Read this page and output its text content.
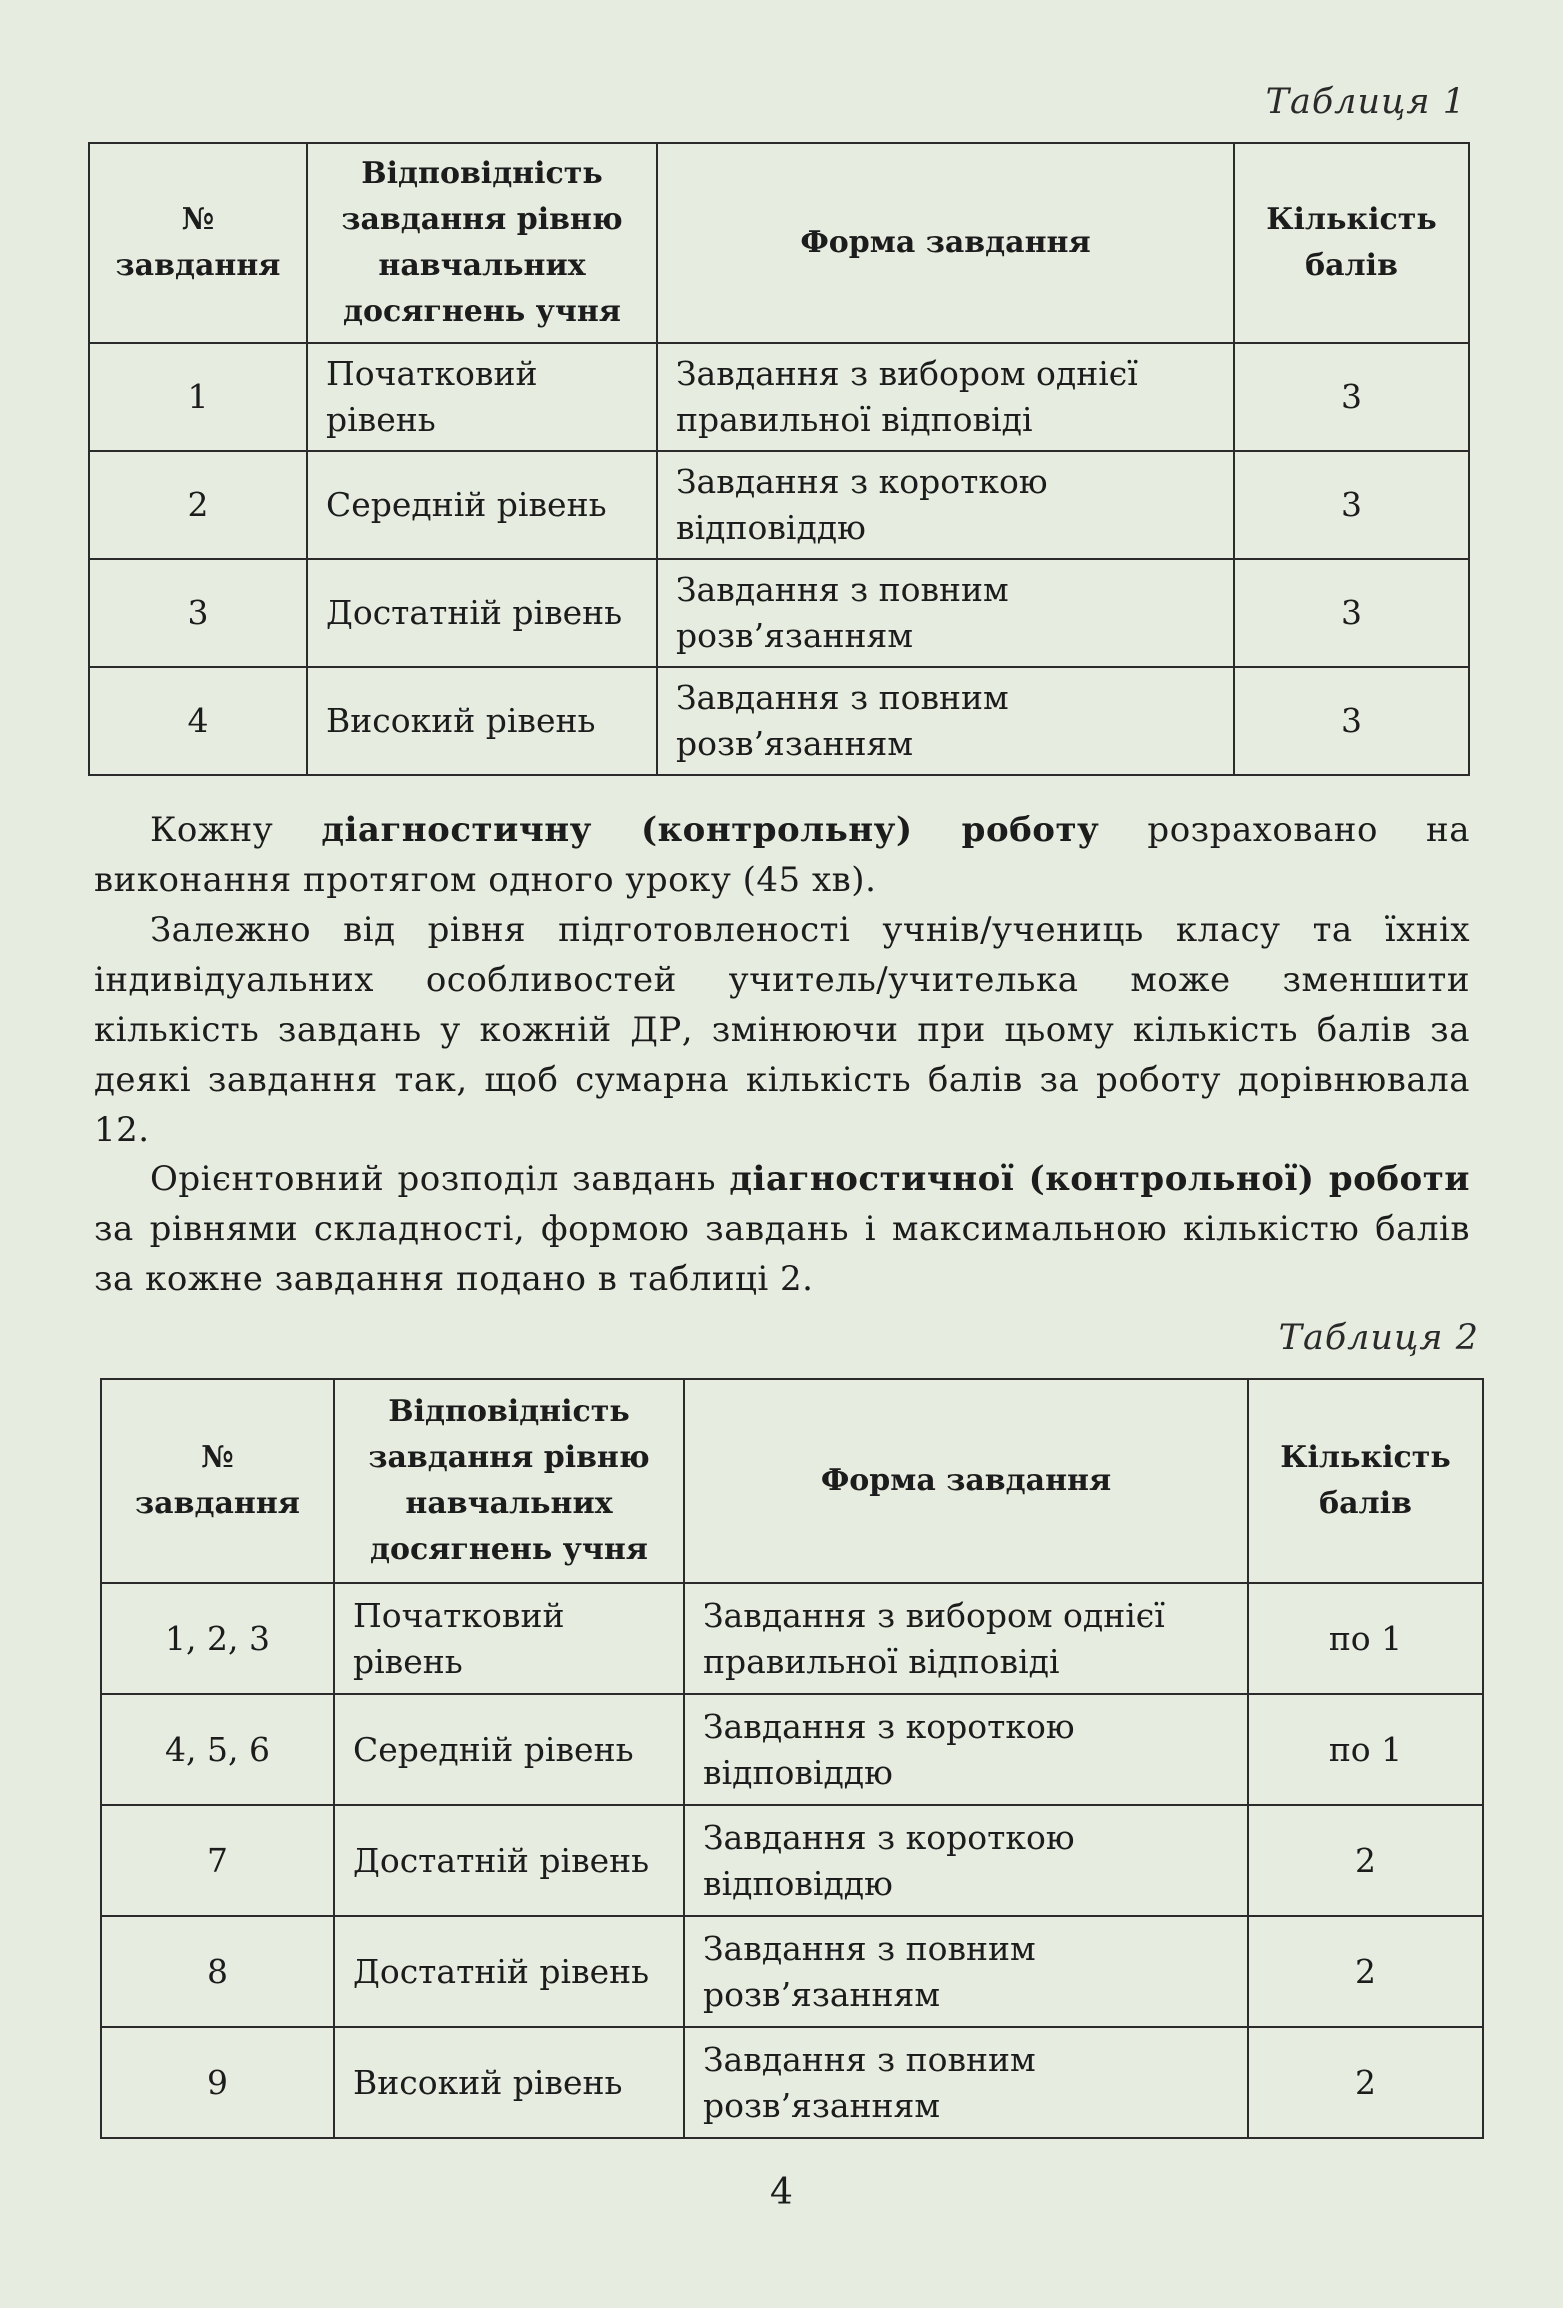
Таблиця 1
№ завдання	Відповідність завдання рівню навчальних досягнень учня	Форма завдання	Кількість балів
1	Початковий рівень	Завдання з вибором однієї правильної відповіді	3
2	Середній рівень	Завдання з короткою відповіддю	3
3	Достатній рівень	Завдання з повним розв’язанням	3
4	Високий рівень	Завдання з повним розв’язанням	3

Кожну діагностичну (контрольну) роботу розраховано на виконання протягом одного уроку (45 хв).

Залежно від рівня підготовленості учнів/учениць класу та їхніх індивідуальних особливостей учитель/учителька може зменшити кількість завдань у кожній ДР, змінюючи при цьому кількість балів за деякі завдання так, щоб сумарна кількість балів за роботу дорівнювала 12.

Орієнтовний розподіл завдань діагностичної (контрольної) роботи за рівнями складності, формою завдань і максимальною кількістю балів за кожне завдання подано в таблиці 2.

Таблиця 2
№ завдання	Відповідність завдання рівню навчальних досягнень учня	Форма завдання	Кількість балів
1, 2, 3	Початковий рівень	Завдання з вибором однієї правильної відповіді	по 1
4, 5, 6	Середній рівень	Завдання з короткою відповіддю	по 1
7	Достатній рівень	Завдання з короткою відповіддю	2
8	Достатній рівень	Завдання з повним розв’язанням	2
9	Високий рівень	Завдання з повним розв’язанням	2
4
